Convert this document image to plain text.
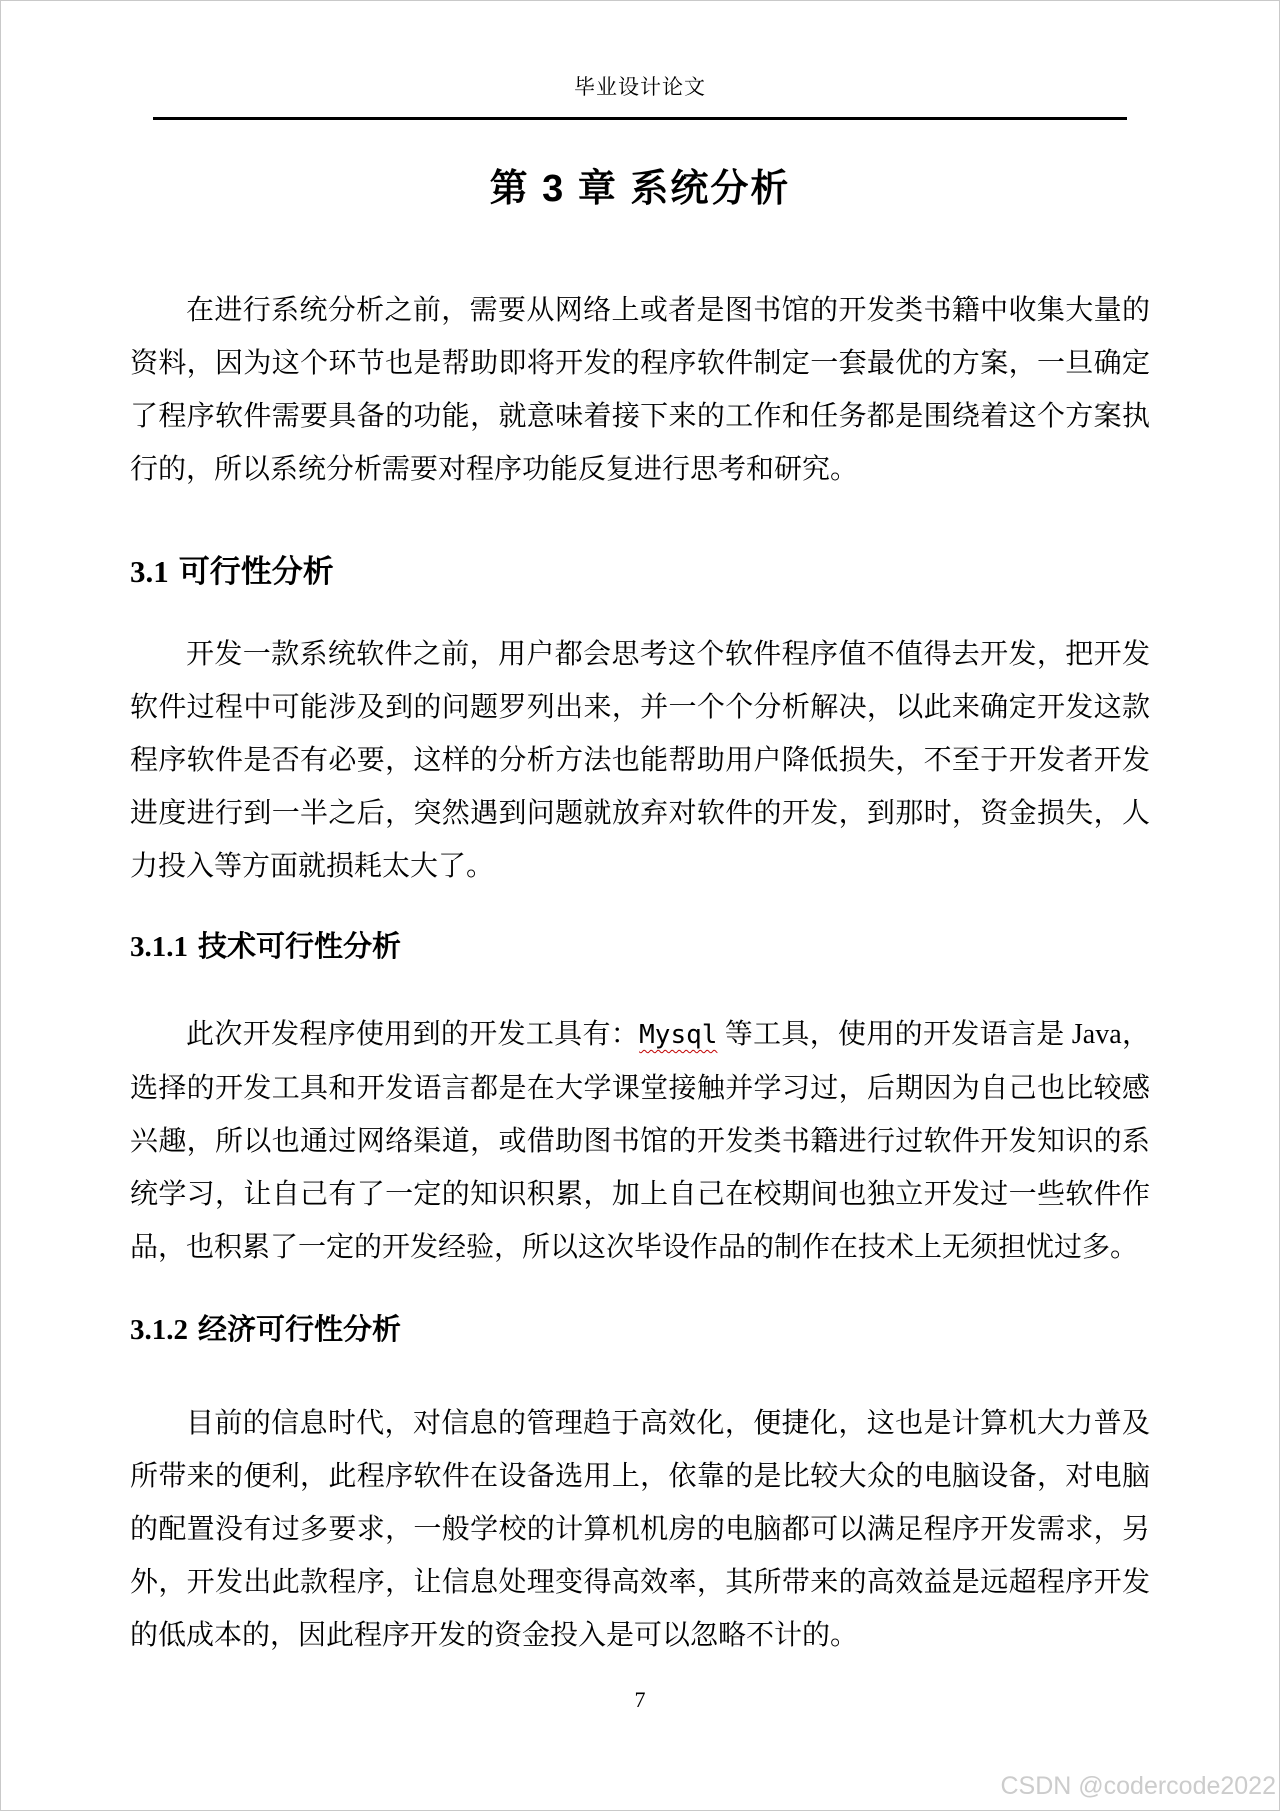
毕业设计论文
第 3 章 系统分析

在进行系统分析之前，需要从网络上或者是图书馆的开发类书籍中收集大量的资料，因为这个环节也是帮助即将开发的程序软件制定一套最优的方案，一旦确定了程序软件需要具备的功能，就意味着接下来的工作和任务都是围绕着这个方案执行的，所以系统分析需要对程序功能反复进行思考和研究。

3.1 可行性分析

开发一款系统软件之前，用户都会思考这个软件程序值不值得去开发，把开发软件过程中可能涉及到的问题罗列出来，并一个个分析解决，以此来确定开发这款程序软件是否有必要，这样的分析方法也能帮助用户降低损失，不至于开发者开发进度进行到一半之后，突然遇到问题就放弃对软件的开发，到那时，资金损失，人力投入等方面就损耗太大了。

3.1.1 技术可行性分析

此次开发程序使用到的开发工具有：Mysql 等工具，使用的开发语言是 Java，选择的开发工具和开发语言都是在大学课堂接触并学习过，后期因为自己也比较感兴趣，所以也通过网络渠道，或借助图书馆的开发类书籍进行过软件开发知识的系统学习，让自己有了一定的知识积累，加上自己在校期间也独立开发过一些软件作品，也积累了一定的开发经验，所以这次毕设作品的制作在技术上无须担忧过多。

3.1.2 经济可行性分析

目前的信息时代，对信息的管理趋于高效化，便捷化，这也是计算机大力普及所带来的便利，此程序软件在设备选用上，依靠的是比较大众的电脑设备，对电脑的配置没有过多要求，一般学校的计算机机房的电脑都可以满足程序开发需求，另外，开发出此款程序，让信息处理变得高效率，其所带来的高效益是远超程序开发的低成本的，因此程序开发的资金投入是可以忽略不计的。

7
CSDN @codercode2022
